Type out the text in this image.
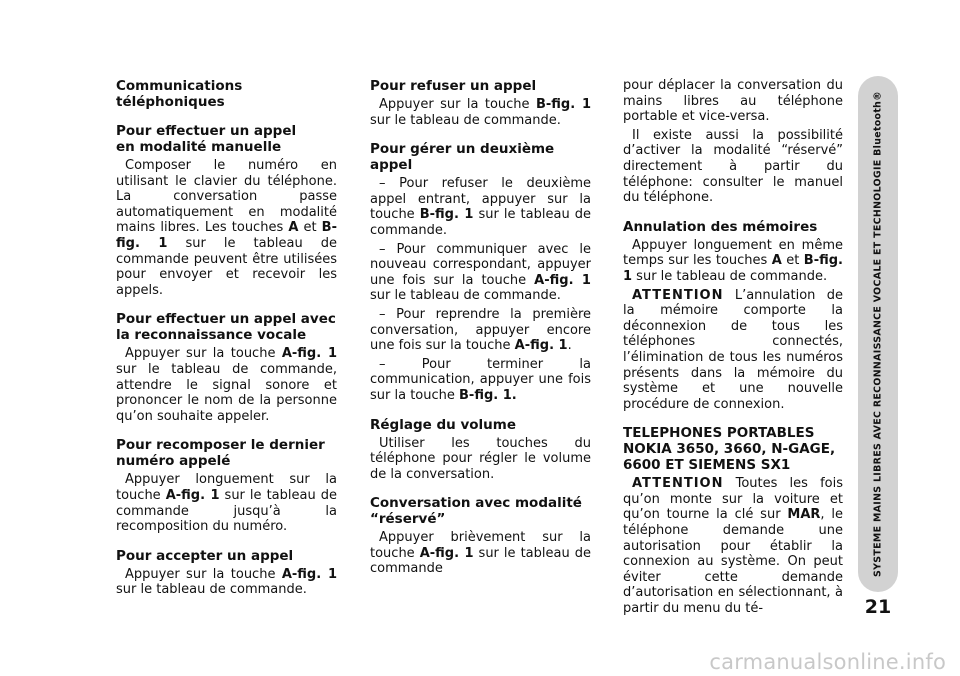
Communications téléphoniques
Pour effectuer un appel
en modalité manuelle

Composer le numéro en utilisant le clavier du téléphone. La conversation passe automatiquement en modalité mains libres. Les touches A et B-fig. 1 sur le tableau de commande peuvent être utilisées pour envoyer et recevoir les appels.

Pour effectuer un appel avec
la reconnaissance vocale

Appuyer sur la touche A-fig. 1 sur le tableau de commande, attendre le signal sonore et prononcer le nom de la personne qu’on souhaite appeler.

Pour recomposer le dernier
numéro appelé

Appuyer longuement sur la touche A-fig. 1 sur le tableau de commande jusqu’à la recomposition du numéro.

Pour accepter un appel

Appuyer sur la touche A-fig. 1 sur le tableau de commande.

Pour refuser un appel

Appuyer sur la touche B-fig. 1 sur le tableau de commande.

Pour gérer un deuxième appel

– Pour refuser le deuxième appel entrant, appuyer sur la touche B-fig. 1 sur le tableau de commande.

– Pour communiquer avec le nouveau correspondant, appuyer une fois sur la touche A-fig. 1 sur le tableau de commande.

– Pour reprendre la première conversation, appuyer encore une fois sur la touche A-fig. 1.

– Pour terminer la communication, appuyer une fois sur la touche B-fig. 1.

Réglage du volume

Utiliser les touches du téléphone pour régler le volume de la conversation.

Conversation avec modalité
“réservé”

Appuyer brièvement sur la touche A-fig. 1 sur le tableau de commande

pour déplacer la conversation du mains libres au téléphone portable et vice-versa.

Il existe aussi la possibilité d’activer la modalité “réservé” directement à partir du téléphone: consulter le manuel du téléphone.

Annulation des mémoires

Appuyer longuement en même temps sur les touches A et B-fig. 1 sur le tableau de commande.

ATTENTION L’annulation de la mémoire comporte la déconnexion de tous les téléphones connectés, l’élimination de tous les numéros présents dans la mémoire du système et une nouvelle procédure de connexion.

TELEPHONES PORTABLES
NOKIA 3650, 3660, N-GAGE,
6600 ET SIEMENS SX1

ATTENTION Toutes les fois qu’on monte sur la voiture et qu’on tourne la clé sur MAR, le téléphone demande une autorisation pour établir la connexion au système. On peut éviter cette demande d’autorisation en sélectionnant, à partir du menu du té-

SYSTEME MAINS LIBRES AVEC RECONNAISSANCE VOCALE ET TECHNOLOGIE Bluetooth®
21
carmanualsonline.info
